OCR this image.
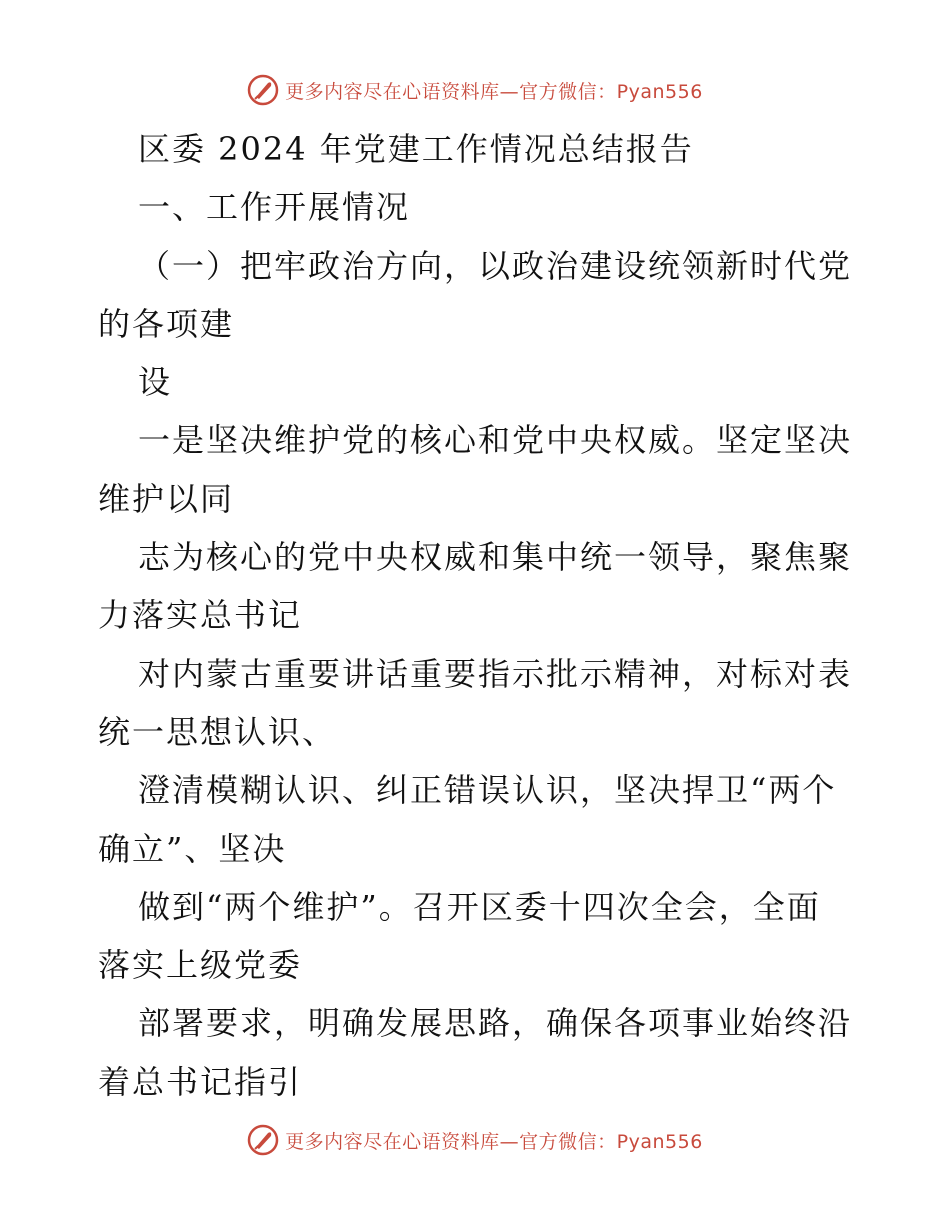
更多内容尽在心语资料库—官方微信：Pyan556
区委 2024 年党建工作情况总结报告
一、工作开展情况
（一）把牢政治方向，以政治建设统领新时代党
的各项建
设
一是坚决维护党的核心和党中央权威。坚定坚决
维护以同
志为核心的党中央权威和集中统一领导，聚焦聚
力落实总书记
对内蒙古重要讲话重要指示批示精神，对标对表
统一思想认识、
澄清模糊认识、纠正错误认识，坚决捍卫“两个
确立”、坚决
做到“两个维护”。召开区委十四次全会，全面
落实上级党委
部署要求，明确发展思路，确保各项事业始终沿
着总书记指引
更多内容尽在心语资料库—官方微信：Pyan556
